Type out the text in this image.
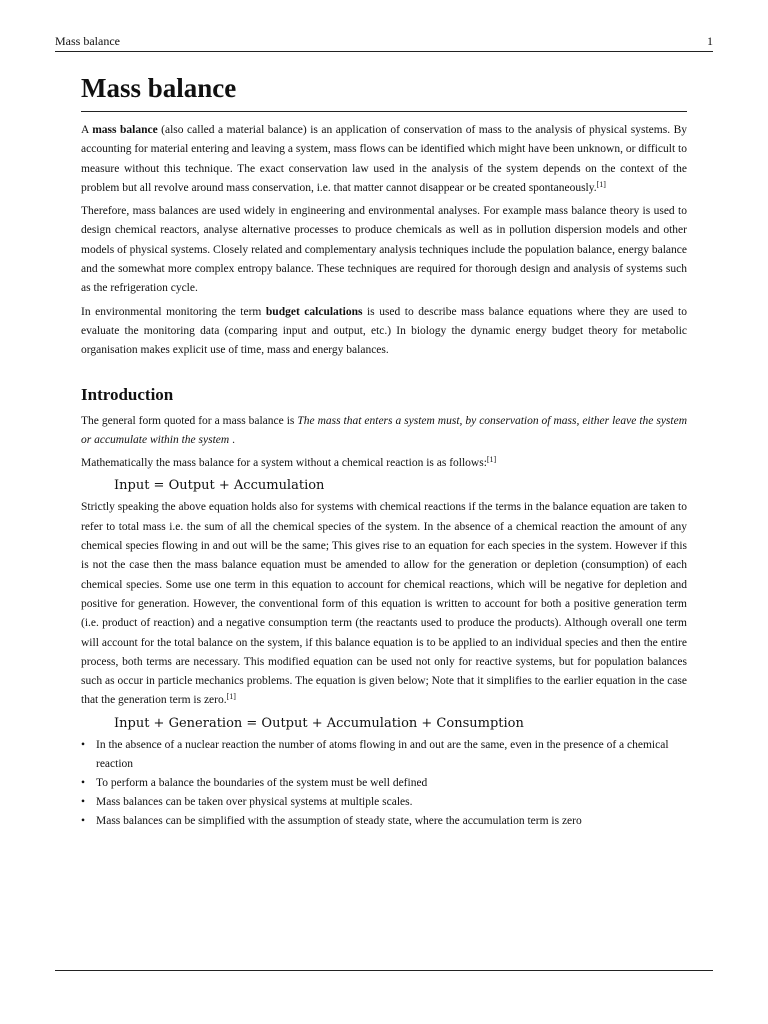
Mass balance	1
Mass balance

A mass balance (also called a material balance) is an application of conservation of mass to the analysis of physical systems. By accounting for material entering and leaving a system, mass flows can be identified which might have been unknown, or difficult to measure without this technique. The exact conservation law used in the analysis of the system depends on the context of the problem but all revolve around mass conservation, i.e. that matter cannot disappear or be created spontaneously.[1]

Therefore, mass balances are used widely in engineering and environmental analyses. For example mass balance theory is used to design chemical reactors, analyse alternative processes to produce chemicals as well as in pollution dispersion models and other models of physical systems. Closely related and complementary analysis techniques include the population balance, energy balance and the somewhat more complex entropy balance. These techniques are required for thorough design and analysis of systems such as the refrigeration cycle.

In environmental monitoring the term budget calculations is used to describe mass balance equations where they are used to evaluate the monitoring data (comparing input and output, etc.) In biology the dynamic energy budget theory for metabolic organisation makes explicit use of time, mass and energy balances.

Introduction

The general form quoted for a mass balance is The mass that enters a system must, by conservation of mass, either leave the system or accumulate within the system .

Mathematically the mass balance for a system without a chemical reaction is as follows:[1]

Input = Output + Accumulation

Strictly speaking the above equation holds also for systems with chemical reactions if the terms in the balance equation are taken to refer to total mass i.e. the sum of all the chemical species of the system. In the absence of a chemical reaction the amount of any chemical species flowing in and out will be the same; This gives rise to an equation for each species in the system. However if this is not the case then the mass balance equation must be amended to allow for the generation or depletion (consumption) of each chemical species. Some use one term in this equation to account for chemical reactions, which will be negative for depletion and positive for generation. However, the conventional form of this equation is written to account for both a positive generation term (i.e. product of reaction) and a negative consumption term (the reactants used to produce the products). Although overall one term will account for the total balance on the system, if this balance equation is to be applied to an individual species and then the entire process, both terms are necessary. This modified equation can be used not only for reactive systems, but for population balances such as occur in particle mechanics problems. The equation is given below; Note that it simplifies to the earlier equation in the case that the generation term is zero.[1]

Input + Generation = Output + Accumulation + Consumption
• In the absence of a nuclear reaction the number of atoms flowing in and out are the same, even in the presence of a chemical reaction
• To perform a balance the boundaries of the system must be well defined
• Mass balances can be taken over physical systems at multiple scales.
• Mass balances can be simplified with the assumption of steady state, where the accumulation term is zero
